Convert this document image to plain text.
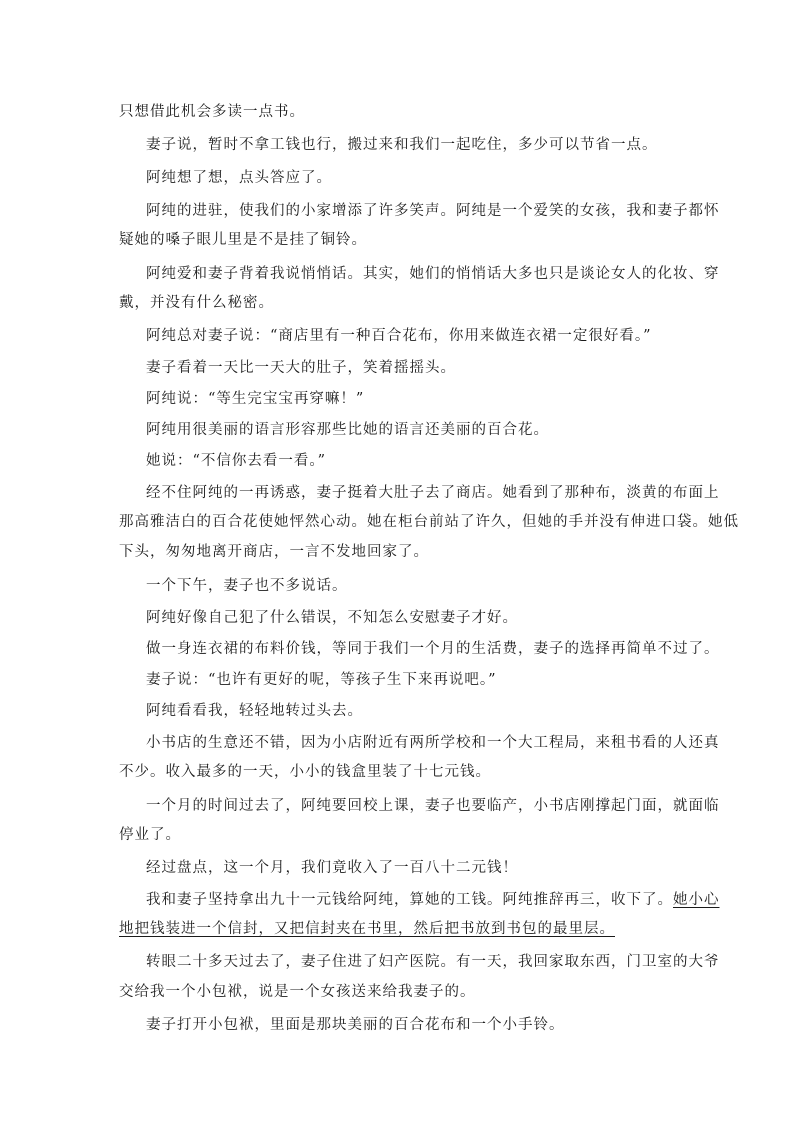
只想借此机会多读一点书。
妻子说，暂时不拿工钱也行，搬过来和我们一起吃住，多少可以节省一点。
阿纯想了想，点头答应了。
阿纯的进驻，使我们的小家增添了许多笑声。阿纯是一个爱笑的女孩，我和妻子都怀
疑她的嗓子眼儿里是不是挂了铜铃。
阿纯爱和妻子背着我说悄悄话。其实，她们的悄悄话大多也只是谈论女人的化妆、穿
戴，并没有什么秘密。
阿纯总对妻子说：“商店里有一种百合花布，你用来做连衣裙一定很好看。”
妻子看着一天比一天大的肚子，笑着摇摇头。
阿纯说：“等生完宝宝再穿嘛！”
阿纯用很美丽的语言形容那些比她的语言还美丽的百合花。
她说：“不信你去看一看。”
经不住阿纯的一再诱惑，妻子挺着大肚子去了商店。她看到了那种布，淡黄的布面上
那高雅洁白的百合花使她怦然心动。她在柜台前站了许久，但她的手并没有伸进口袋。她低
下头，匆匆地离开商店，一言不发地回家了。
一个下午，妻子也不多说话。
阿纯好像自己犯了什么错误，不知怎么安慰妻子才好。
做一身连衣裙的布料价钱，等同于我们一个月的生活费，妻子的选择再简单不过了。
妻子说：“也许有更好的呢，等孩子生下来再说吧。”
阿纯看看我，轻轻地转过头去。
小书店的生意还不错，因为小店附近有两所学校和一个大工程局，来租书看的人还真
不少。收入最多的一天，小小的钱盒里装了十七元钱。
一个月的时间过去了，阿纯要回校上课，妻子也要临产，小书店刚撑起门面，就面临
停业了。
经过盘点，这一个月，我们竟收入了一百八十二元钱！
我和妻子坚持拿出九十一元钱给阿纯，算她的工钱。阿纯推辞再三，收下了。她小心
地把钱装进一个信封，又把信封夹在书里，然后把书放到书包的最里层。
转眼二十多天过去了，妻子住进了妇产医院。有一天，我回家取东西，门卫室的大爷
交给我一个小包袱，说是一个女孩送来给我妻子的。
妻子打开小包袱，里面是那块美丽的百合花布和一个小手铃。
